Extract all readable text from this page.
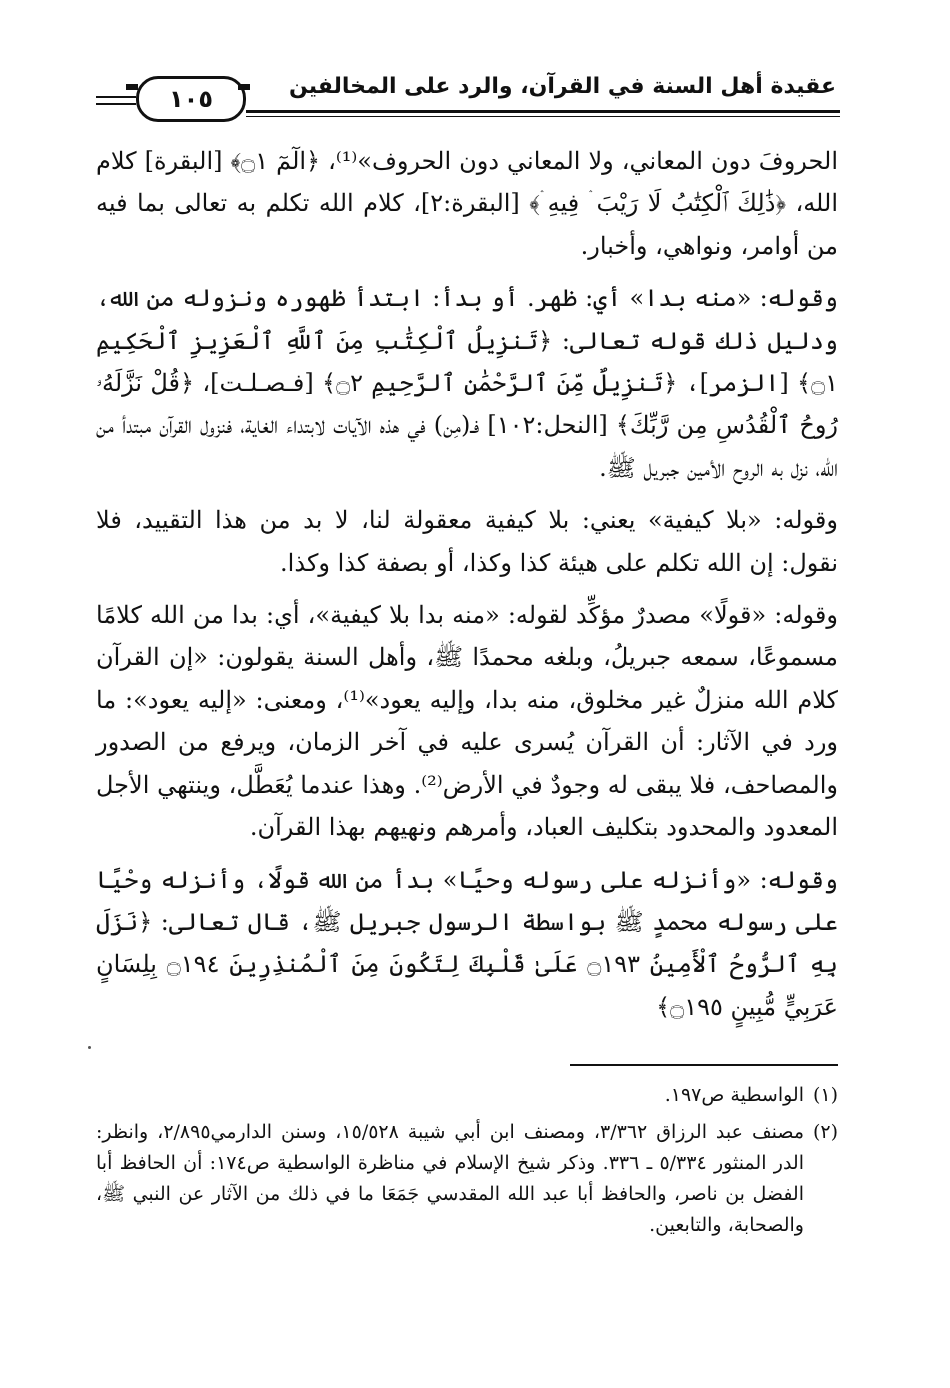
١٠٥	عقيدة أهل السنة في القرآن، والرد على المخالفين

الحروفَ دون المعاني، ولا المعاني دون الحروف»⁽¹⁾، ﴿الٓمٓ ۝١﴾ [البقرة] كلام الله، ﴿ذَٰلِكَ ٱلْكِتَٰبُ لَا رَيْبَ ۛ فِيهِ ۛ﴾ [البقرة:٢]، كلام الله تكلم به تعالى بما فيه من أوامر، ونواهي، وأخبار.

وقوله: «منه بدا» أي: ظهر. أو بدأ: ابتدأ ظهوره ونزوله من الله، ودليل ذلك قوله تعالى: ﴿تَنزِيلُ ٱلْكِتَٰبِ مِنَ ٱللَّهِ ٱلْعَزِيزِ ٱلْحَكِيمِ ۝١﴾ [الزمر]، ﴿تَنزِيلٌ مِّنَ ٱلرَّحْمَٰنِ ٱلرَّحِيمِ ۝٢﴾ [فـصـلـت]، ﴿قُلْ نَزَّلَهُۥ رُوحُ ٱلْقُدُسِ مِن رَّبِّكَ﴾ [النحل:١٠٢] فـ(مِن) في هذه الآيات لابتداء الغاية، فنزول القرآن مبتدأ من الله، نزل به الروح الأمين جبريل ﷺ.

وقوله: «بلا كيفية» يعني: بلا كيفية معقولة لنا، لا بد من هذا التقييد، فلا نقول: إن الله تكلم على هيئة كذا وكذا، أو بصفة كذا وكذا.

وقوله: «قولًا» مصدرٌ مؤكِّد لقوله: «منه بدا بلا كيفية»، أي: بدا من الله كلامًا مسموعًا، سمعه جبريلُ، وبلغه محمدًا ﷺ، وأهل السنة يقولون: «إن القرآن كلام الله منزلٌ غير مخلوق، منه بدا، وإليه يعود»⁽¹⁾، ومعنى: «إليه يعود»: ما ورد في الآثار: أن القرآن يُسرى عليه في آخر الزمان، ويرفع من الصدور والمصاحف، فلا يبقى له وجودٌ في الأرض⁽²⁾. وهذا عندما يُعَطَّل، وينتهي الأجل المعدود والمحدود بتكليف العباد، وأمرهم ونهيهم بهذا القرآن.

وقوله: «وأنزله على رسوله وحيًا» بدأ من الله قولًا، وأنزله وحْيًا على رسوله محمدٍ ﷺ بواسطة الرسول جبريل ﷺ، قال تعالى: ﴿نَزَلَ بِهِ ٱلرُّوحُ ٱلْأَمِينُ ۝١٩٣ عَلَىٰ قَلْبِكَ لِتَكُونَ مِنَ ٱلْمُنذِرِينَ ۝١٩٤ بِلِسَانٍ عَرَبِيٍّ مُّبِينٍ ۝١٩٥﴾

(١)
الواسطية ص١٩٧.
(٢)
مصنف عبد الرزاق ٣/٣٦٢، ومصنف ابن أبي شيبة ١٥/٥٢٨، وسنن الدارمي٢/٨٩٥، وانظر: الدر المنثور ٥/٣٣٤ ـ ٣٣٦. وذكر شيخ الإسلام في مناظرة الواسطية ص١٧٤: أن الحافظ أبا الفضل بن ناصر، والحافظ أبا عبد الله المقدسي جَمَعَا ما في ذلك من الآثار عن النبي ﷺ، والصحابة، والتابعين.
